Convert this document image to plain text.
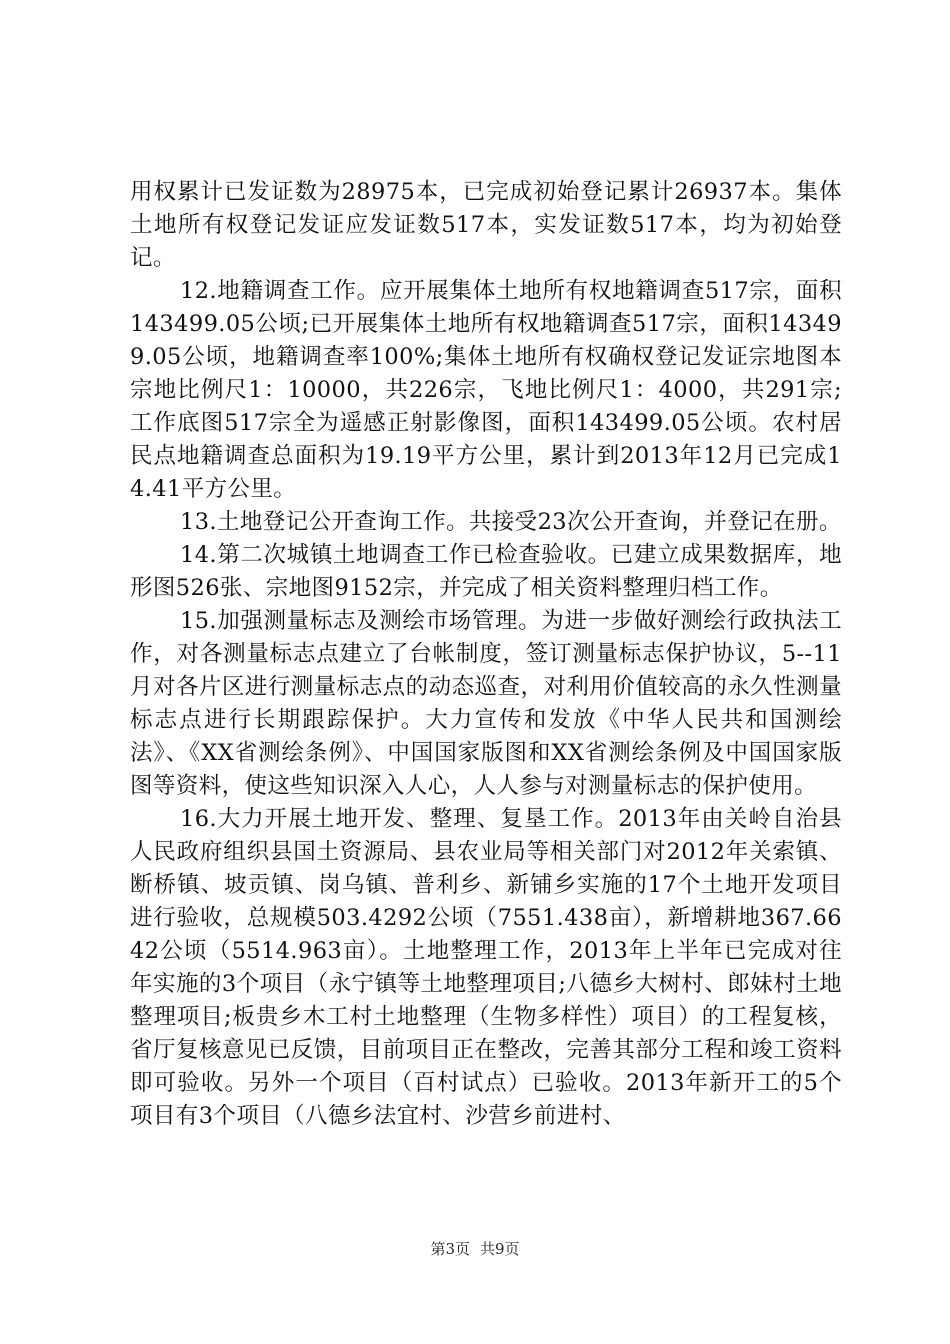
用权累计已发证数为28975本，已完成初始登记累计26937本。集体土地所有权登记发证应发证数517本，实发证数517本，均为初始登记。

12.地籍调查工作。应开展集体土地所有权地籍调查517宗，面积143499.05公顷;已开展集体土地所有权地籍调查517宗，面积143499.05公顷，地籍调查率100%;集体土地所有权确权登记发证宗地图本宗地比例尺1：10000，共226宗，飞地比例尺1：4000，共291宗;工作底图517宗全为遥感正射影像图，面积143499.05公顷。农村居民点地籍调查总面积为19.19平方公里，累计到2013年12月已完成14.41平方公里。

13.土地登记公开查询工作。共接受23次公开查询，并登记在册。

14.第二次城镇土地调查工作已检查验收。已建立成果数据库，地形图526张、宗地图9152宗，并完成了相关资料整理归档工作。

15.加强测量标志及测绘市场管理。为进一步做好测绘行政执法工作，对各测量标志点建立了台帐制度，签订测量标志保护协议，5--11月对各片区进行测量标志点的动态巡查，对利用价值较高的永久性测量标志点进行长期跟踪保护。大力宣传和发放《中华人民共和国测绘法》、《XX省测绘条例》、中国国家版图和XX省测绘条例及中国国家版图等资料，使这些知识深入人心，人人参与对测量标志的保护使用。

16.大力开展土地开发、整理、复垦工作。2013年由关岭自治县人民政府组织县国土资源局、县农业局等相关部门对2012年关索镇、断桥镇、坡贡镇、岗乌镇、普利乡、新铺乡实施的17个土地开发项目进行验收，总规模503.4292公顷（7551.438亩），新增耕地367.6642公顷（5514.963亩）。土地整理工作，2013年上半年已完成对往年实施的3个项目（永宁镇等土地整理项目;八德乡大树村、郎妹村土地整理项目;板贵乡木工村土地整理（生物多样性）项目）的工程复核，省厅复核意见已反馈，目前项目正在整改，完善其部分工程和竣工资料即可验收。另外一个项目（百村试点）已验收。2013年新开工的5个项目有3个项目（八德乡法宜村、沙营乡前进村、

第3页 共9页
